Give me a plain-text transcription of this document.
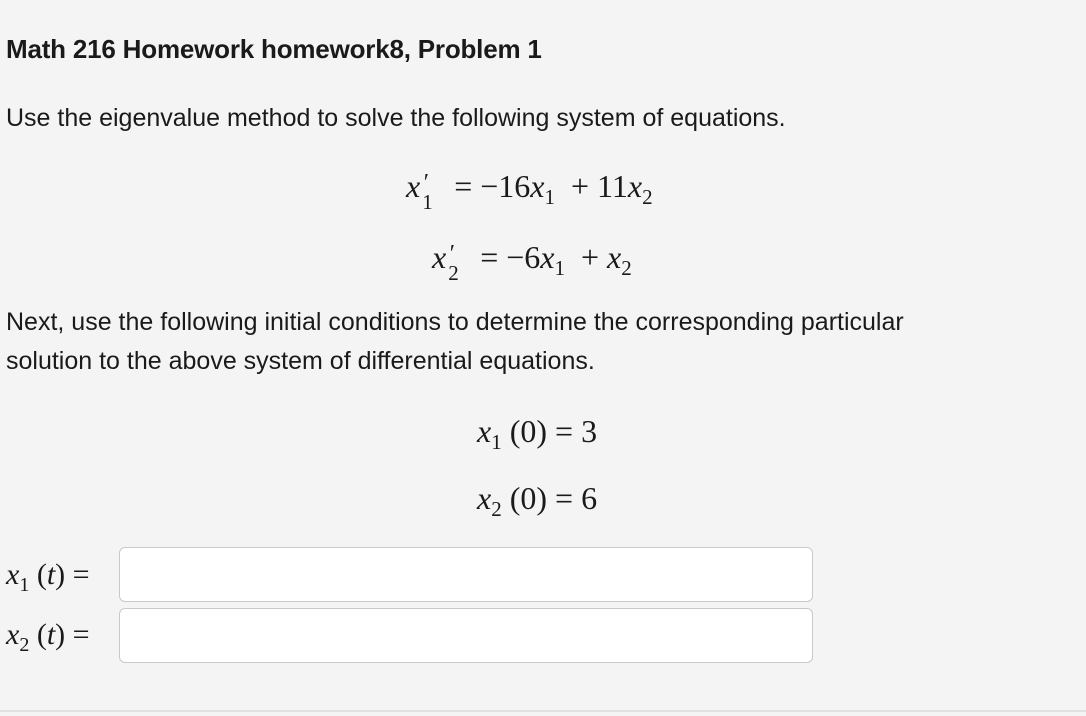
Math 216 Homework homework8, Problem 1
Use the eigenvalue method to solve the following system of equations.
x ′
$1 = -16x_1 + 11x_2$
x ′
$2 = -6x_1 + x_2$
Next, use the following initial conditions to determine the corresponding particular
solution to the above system of differential equations.
$x_1$ (0) = 3
$x_2$ (0) = 6
$x_1$ (t) =
$x_2$ (t) =
